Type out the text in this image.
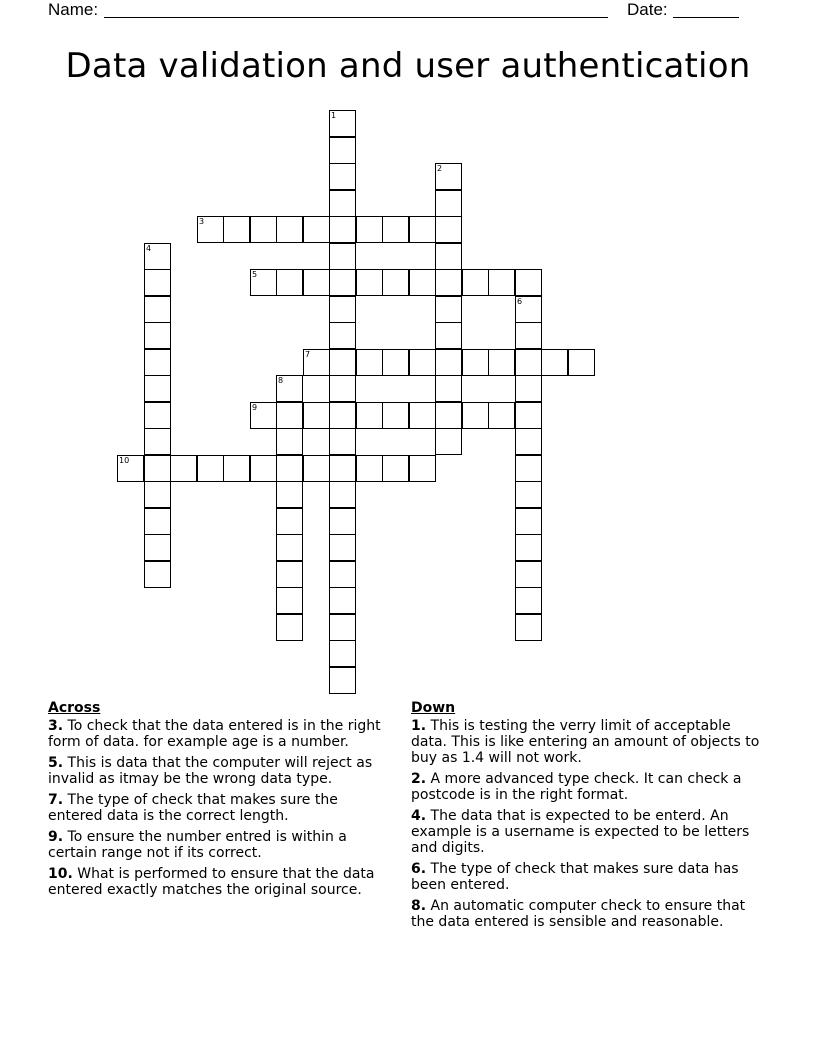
Name:	Date:
Data validation and user authentication
1
2
3
4
5
6
7
8
9
10
Across
3. To check that the data entered is in the right form of data. for example age is a number.
5. This is data that the computer will reject as invalid as itmay be the wrong data type.
7. The type of check that makes sure the entered data is the correct length.
9. To ensure the number entred is within a certain range not if its correct.
10. What is performed to ensure that the data entered exactly matches the original source.
Down
1. This is testing the verry limit of acceptable data. This is like entering an amount of objects to buy as 1.4 will not work.
2. A more advanced type check. It can check a postcode is in the right format.
4. The data that is expected to be enterd. An example is a username is expected to be letters and digits.
6. The type of check that makes sure data has been entered.
8. An automatic computer check to ensure that the data entered is sensible and reasonable.
